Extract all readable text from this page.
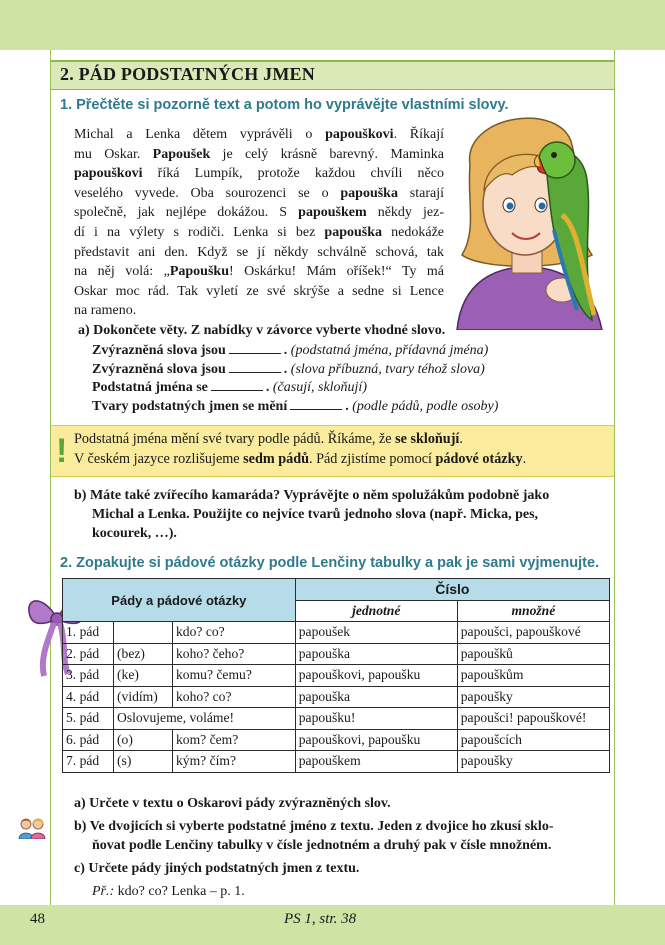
2. PÁD PODSTATNÝCH JMEN
1. Přečtěte si pozorně text a potom ho vyprávějte vlastními slovy.
Michal a Lenka dětem vyprávěli o papouškovi. Říkají
mu Oskar. Papoušek je celý krásně barevný. Maminka
papouškovi říká Lumpík, protože každou chvíli něco
veselého vyvede. Oba sourozenci se o papouška starají
společně, jak nejlépe dokážou. S papouškem někdy jez-
dí i na výlety s rodiči. Lenka si bez papouška nedokáže
představit ani den. Když se jí někdy schválně schová, tak
na něj volá: „Papoušku! Oskárku! Mám oříšek!“ Ty má
Oskar moc rád. Tak vyletí ze své skrýše a sedne si Lence
na rameno.
a) Dokončete věty. Z nabídky v závorce vyberte vhodné slovo.
Zvýrazněná slova jsou	. (podstatná jména, přídavná jména)
Zvýrazněná slova jsou	. (slova příbuzná, tvary téhož slova)
Podstatná jména se	. (časují, skloňují)
Tvary podstatných jmen se mění	. (podle pádů, podle osoby)
! Podstatná jména mění své tvary podle pádů. Říkáme, že se skloňují.
V českém jazyce rozlišujeme sedm pádů. Pád zjistíme pomocí pádové otázky.
b) Máte také zvířecího kamaráda? Vyprávějte o něm spolužákům podobně jako
Michal a Lenka. Použijte co nejvíce tvarů jednoho slova (např. Micka, pes,
kocourek, …).
2. Zopakujte si pádové otázky podle Lenčiny tabulky a pak je sami vyjmenujte.
Pády a pádové otázky			Číslo	
			jednotné	množné
1. pád		kdo? co?	papoušek	papoušci, papouškové
2. pád	(bez)	koho? čeho?	papouška	papoušků
3. pád	(ke)	komu? čemu?	papouškovi, papoušku	papouškům
4. pád	(vidím)	koho? co?	papouška	papoušky
5. pád	Oslovujeme, voláme!		papoušku!	papoušci! papouškové!
6. pád	(o)	kom? čem?	papouškovi, papoušku	papoušcích
7. pád	(s)	kým? čím?	papouškem	papoušky
a) Určete v textu o Oskarovi pády zvýrazněných slov.
b) Ve dvojicích si vyberte podstatné jméno z textu. Jeden z dvojice ho zkusí sklo-
ňovat podle Lenčiny tabulky v čísle jednotném a druhý pak v čísle množném.
c) Určete pády jiných podstatných jmen z textu.
Př.: kdo? co? Lenka – p. 1.
48	PS 1, str. 38
